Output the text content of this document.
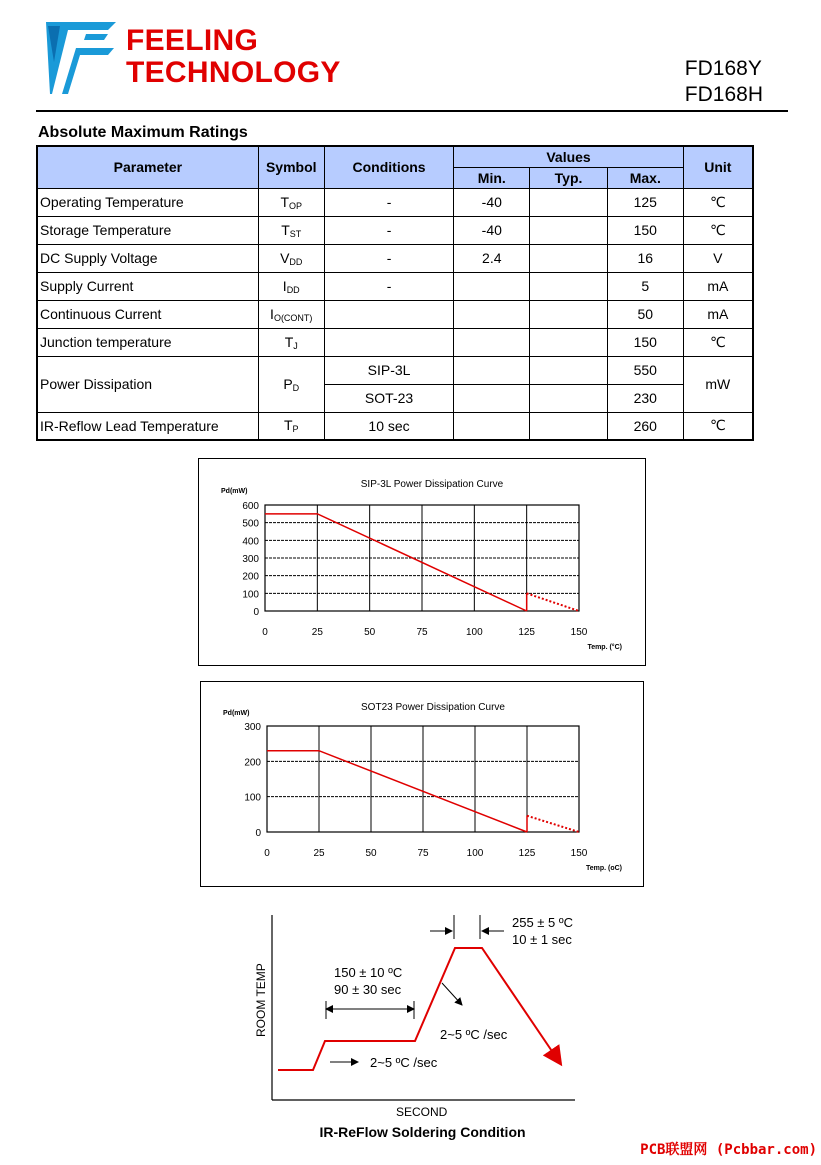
FEELING
TECHNOLOGY	FD168Y
FD168H
Absolute Maximum Ratings
Parameter	Symbol	Conditions	Values			Unit
			Min.	Typ.	Max.	
Operating Temperature	$T_{OP}$	-	-40		125	℃
Storage Temperature	$T_{ST}$	-	-40		150	℃
DC Supply Voltage	$V_{DD}$	-	2.4		16	V
Supply Current	$I_{DD}$	-			5	mA
Continuous Current	$I_{O(CONT)}$				50	mA
Junction temperature	$T_J$				150	℃
Power Dissipation	$P_D$	SIP-3L			550	mW
		SOT-23			230	
IR-Reflow Lead Temperature	$T_P$	10 sec			260	℃
0	25	50	75	100	125	150
0
100
200
300
400
500
600
SIP-3L Power Dissipation Curve
Pd(mW)
Temp. (°C)
0	25	50	75	100	125	150
0
100
200
300
SOT23 Power Dissipation Curve
Pd(mW)
Temp. (oC)
255 ± 5 ºC
10 ± 1 sec
150 ± 10 ºC
90 ± 30 sec
2~5 ºC /sec
2~5 ºC /sec
ROOM TEMP
SECOND
IR-ReFlow Soldering Condition
PCB联盟网 (Pcbbar.com)
